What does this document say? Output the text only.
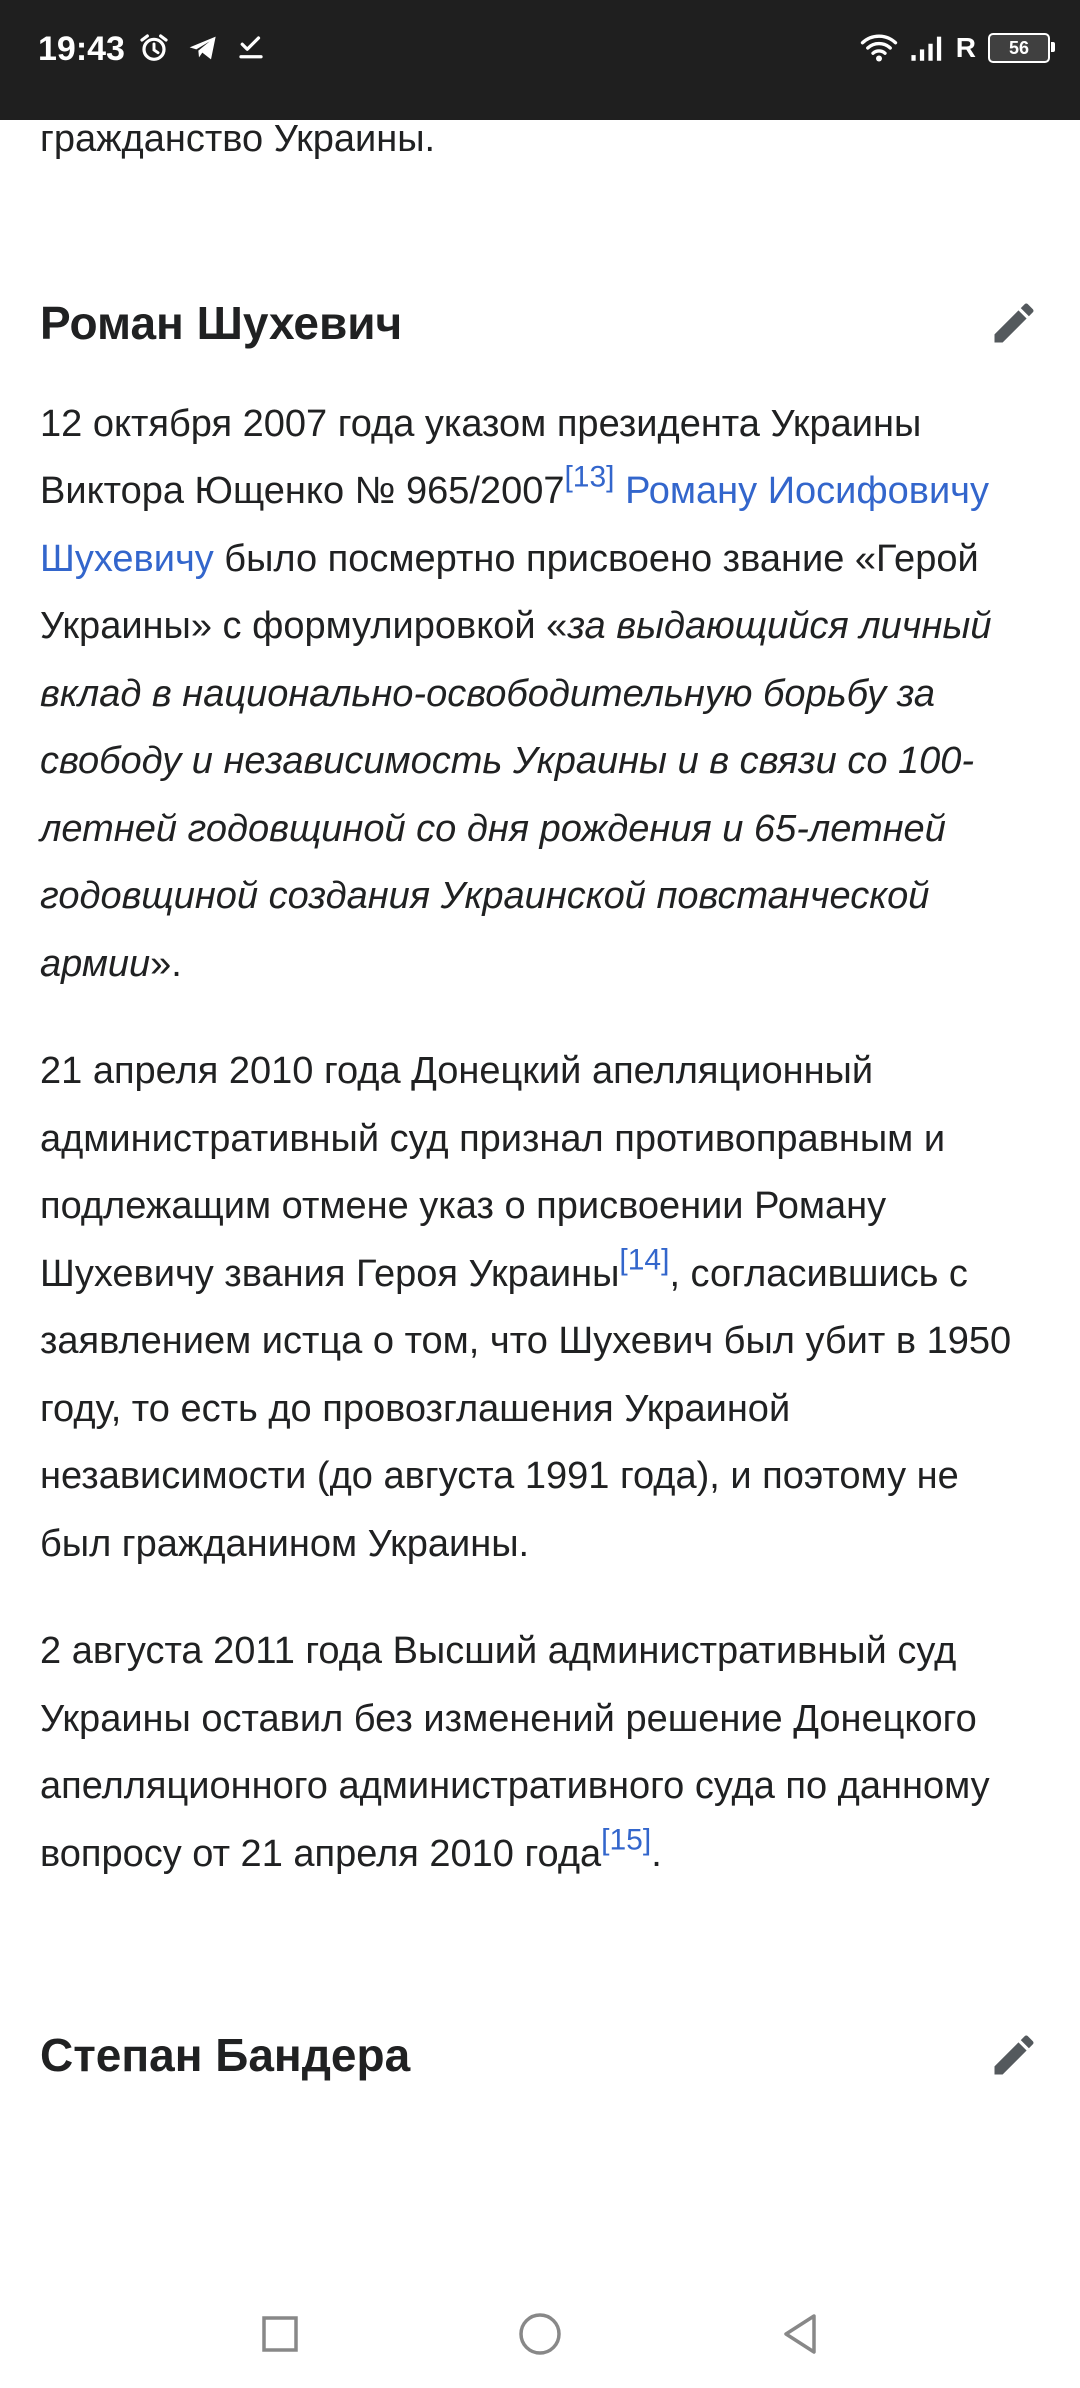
19:43	R 56

гражданство Украины.

Роман Шухевич

12 октября 2007 года указом президента Украины Виктора Ющенко № 965/2007[13] Роману Иосифовичу Шухевичу было посмертно присвоено звание «Герой Украины» с формулировкой «за выдающийся личный вклад в национально-освободительную борьбу за свободу и независимость Украины и в связи со 100-летней годовщиной со дня рождения и 65-летней годовщиной создания Украинской повстанческой армии».

21 апреля 2010 года Донецкий апелляционный административный суд признал противоправным и подлежащим отмене указ о присвоении Роману Шухевичу звания Героя Украины[14], согласившись с заявлением истца о том, что Шухевич был убит в 1950 году, то есть до провозглашения Украиной независимости (до августа 1991 года), и поэтому не был гражданином Украины.

2 августа 2011 года Высший административный суд Украины оставил без изменений решение Донецкого апелляционного административного суда по данному вопросу от 21 апреля 2010 года[15].

Степан Бандера
